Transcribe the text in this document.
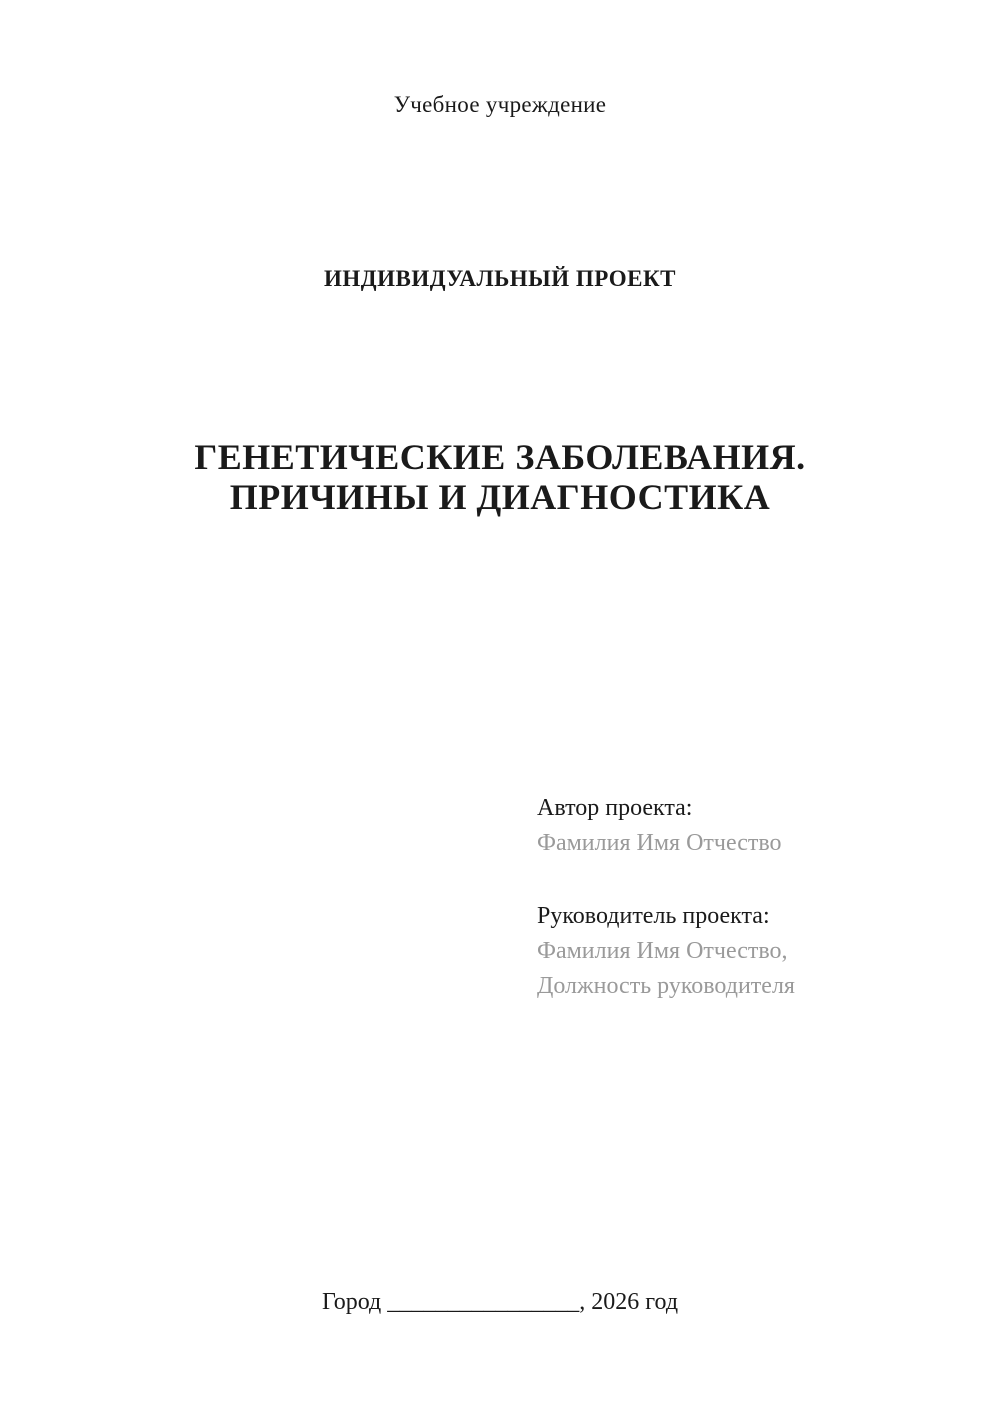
Учебное учреждение
ИНДИВИДУАЛЬНЫЙ ПРОЕКТ
ГЕНЕТИЧЕСКИЕ ЗАБОЛЕВАНИЯ.
ПРИЧИНЫ И ДИАГНОСТИКА
Автор проекта:
Фамилия Имя Отчество
Руководитель проекта:
Фамилия Имя Отчество,
Должность руководителя
Город ________________, 2026 год
